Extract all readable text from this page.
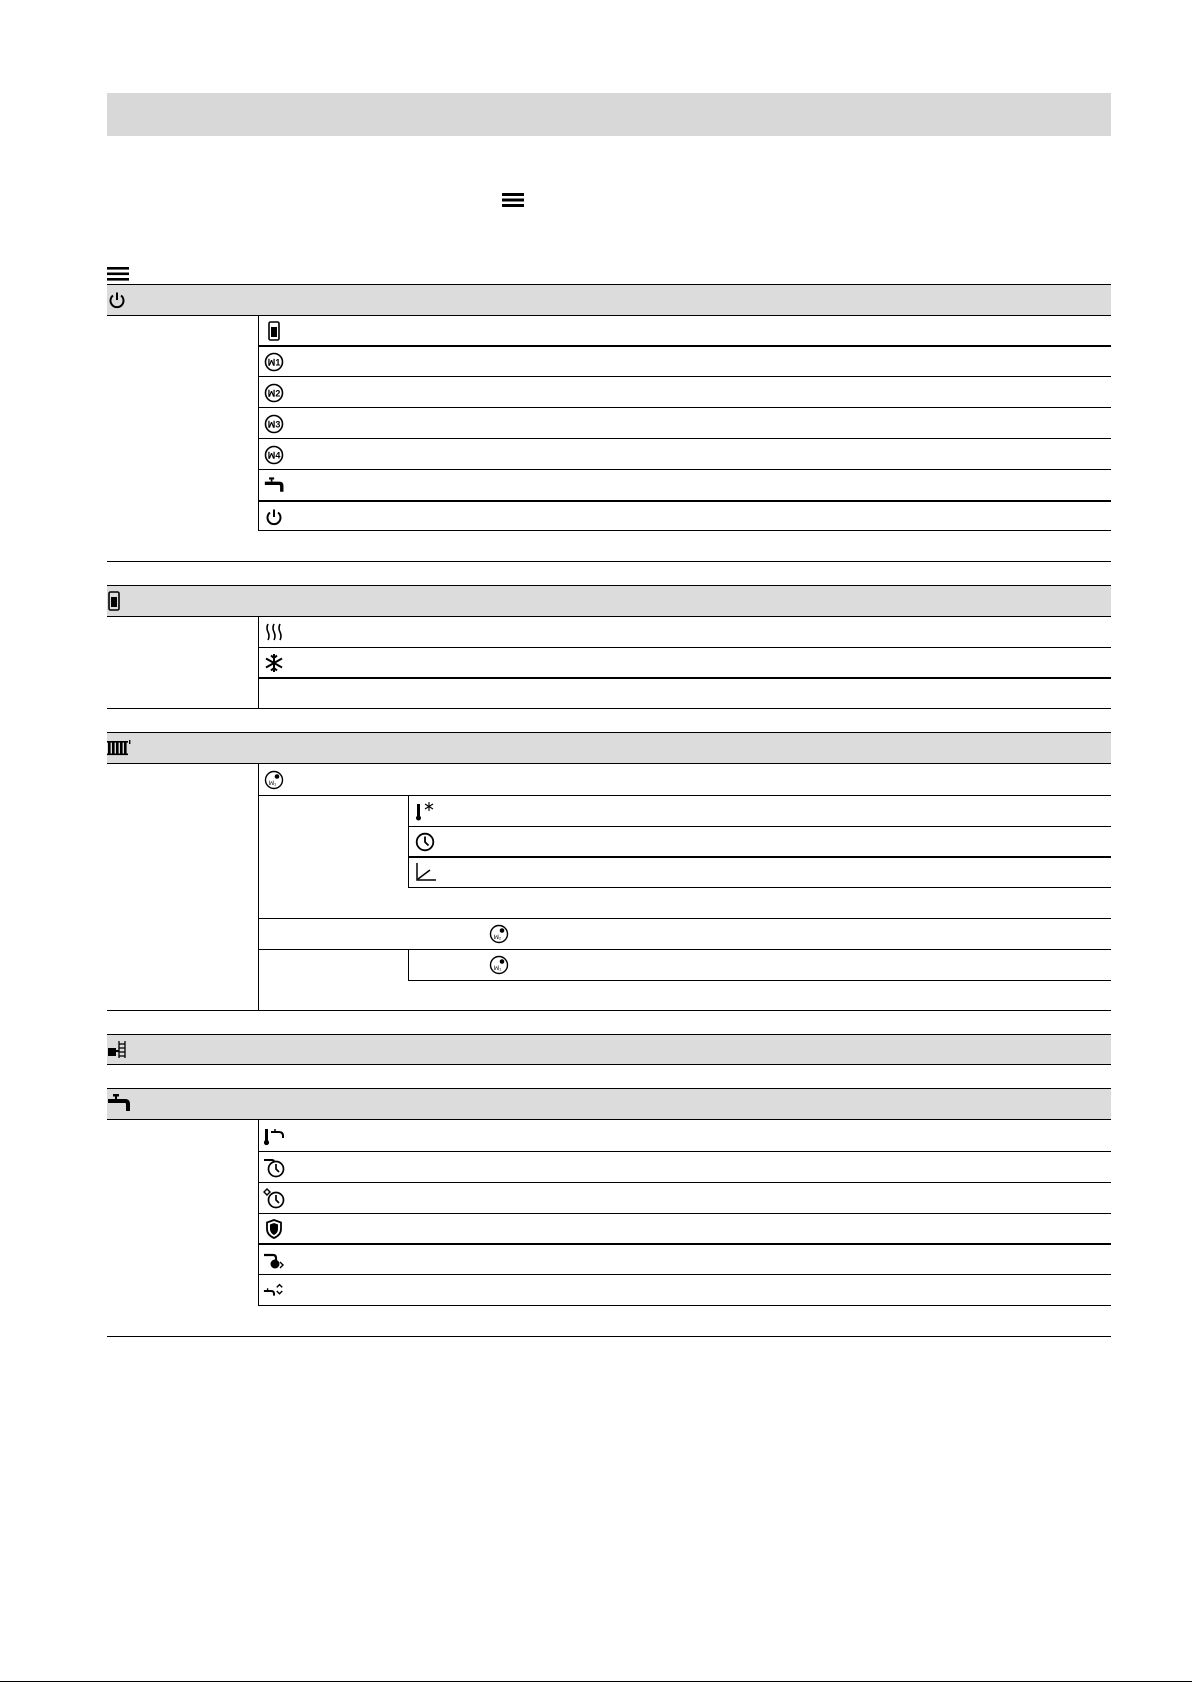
ꟽ1
ꟽ2
ꟽ3
ꟽ4
ꟽ₁
ꟽ₂
ꟽ₁
